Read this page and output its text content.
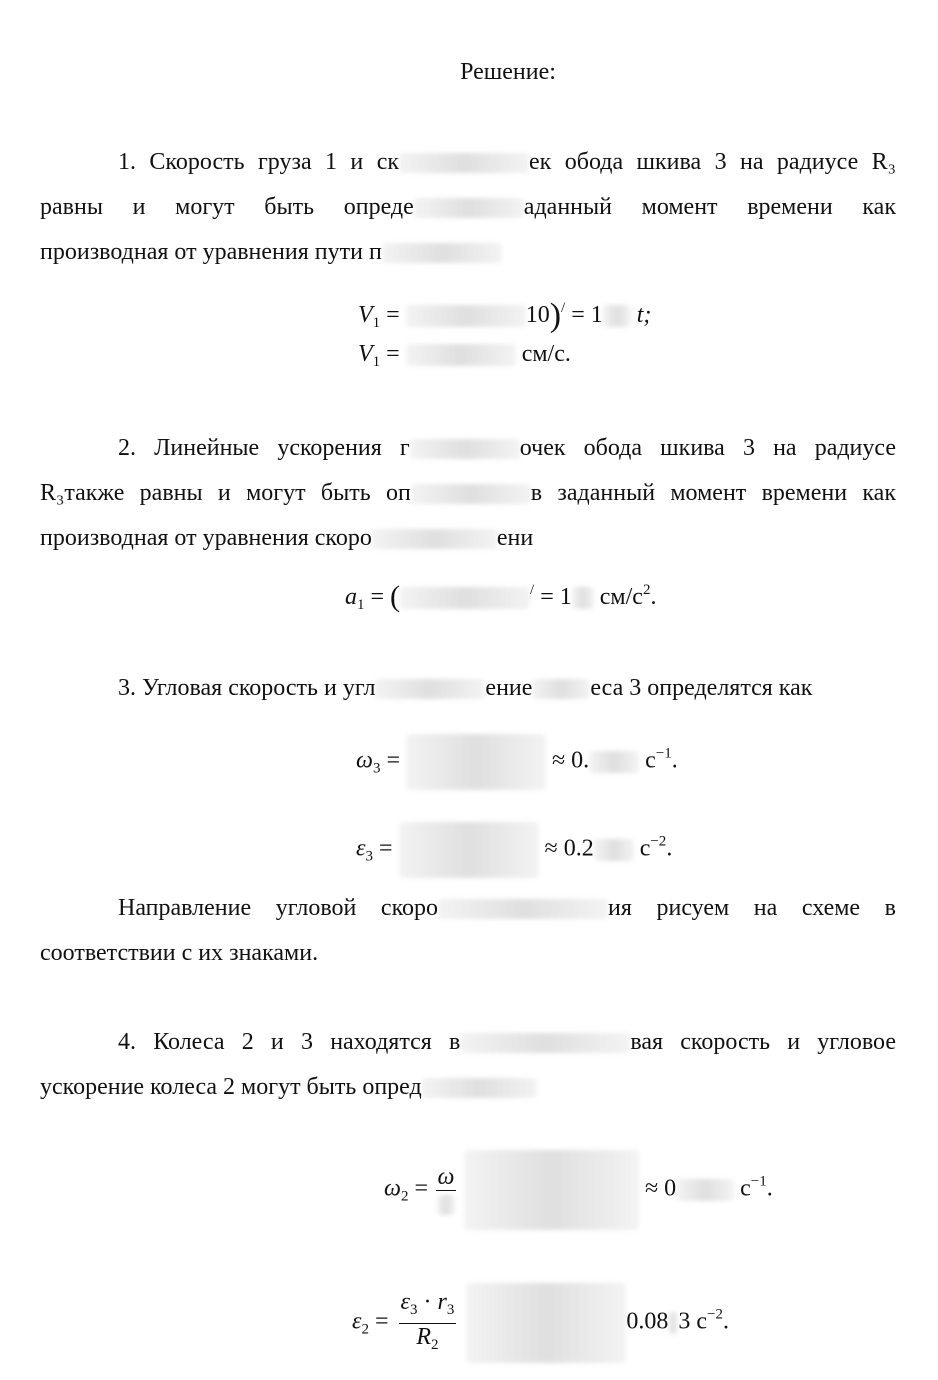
Решение:
1. Скорость груза 1 и ск	ек обода шкива 3 на радиусе R₃
равны и могут быть опреде	аданный момент времени как
производная от уравнения пути п
$V_1$ =	10)/ = 1 t;
$V_1$ =	см/с.
2. Линейные ускорения г	очек обода шкива 3 на радиусе
R₃также равны и могут быть оп	в заданный момент времени как
производная от уравнения скоро	ени
$a_1$ = (	/ = 1 $см/с^2$.
3. Угловая скорость и угл	ение еса 3 определятся как
$\omega_3$ =	≈ 0. $с^{-1}$.
$\varepsilon_3$ =	≈ 0.2 $с^{-2}$.
Направление угловой скоро	ия рисуем на схеме в
соответствии с их знаками.
4. Колеса 2 и 3 находятся в	вая скорость и угловое
ускорение колеса 2 могут быть опред
$\omega_2 = \omega$	≈ 0	$с^{-1}$.
$\varepsilon_2 = \frac{\varepsilon_3 \cdot r_3}{R_2}$	0.08 3 $с^{-2}$.
